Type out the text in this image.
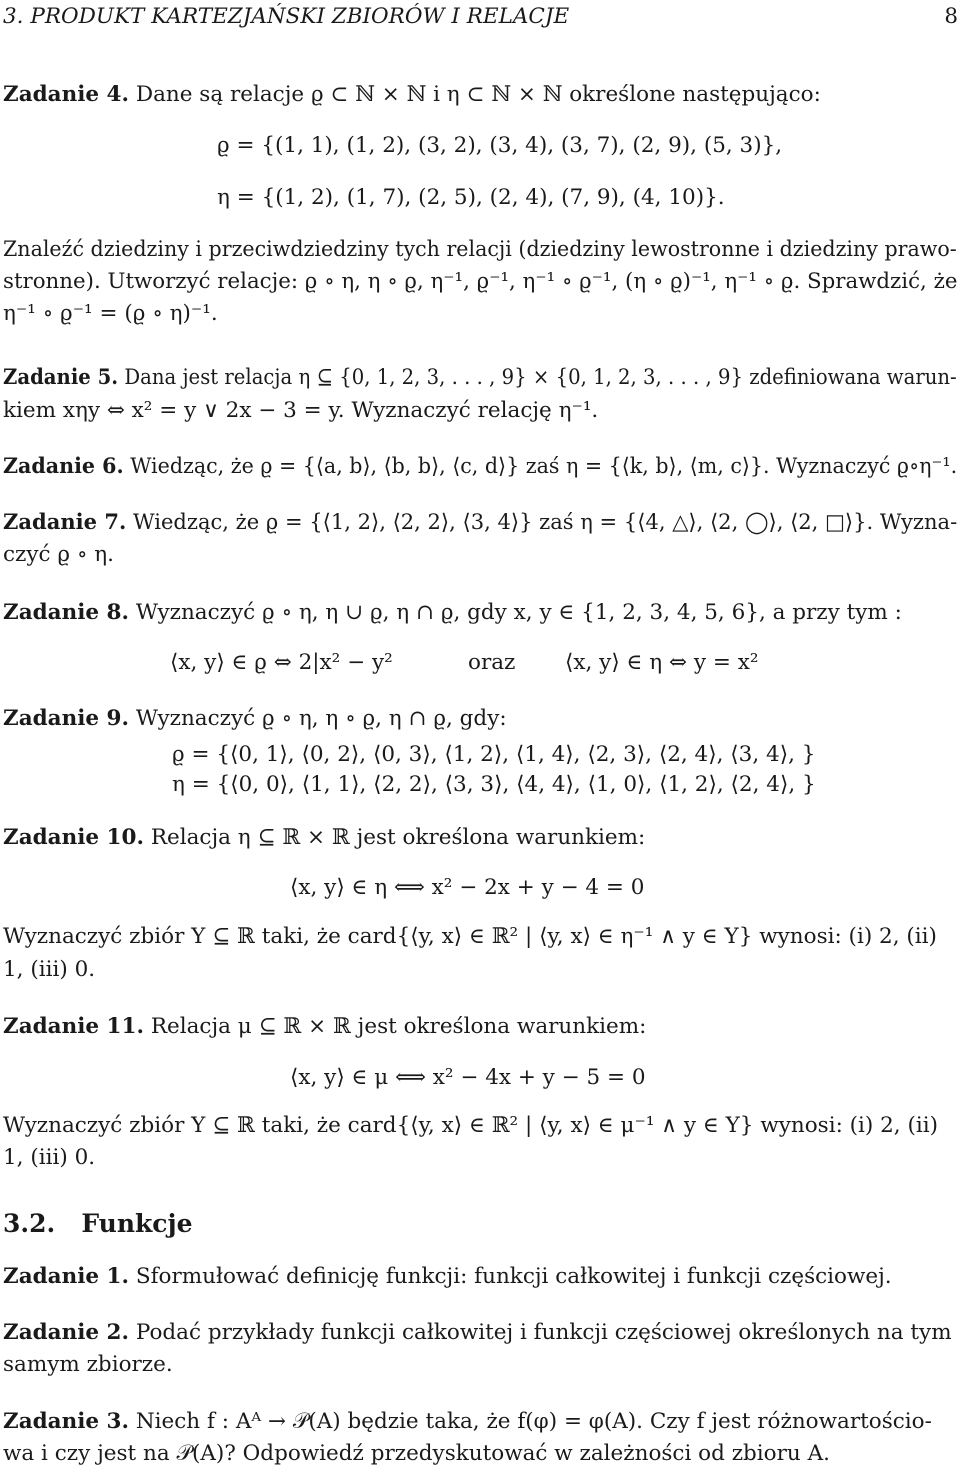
3. PRODUKT KARTEZJAŃSKI ZBIORÓW I RELACJE	8
Zadanie 4. Dane są relacje ϱ ⊂ ℕ × ℕ i η ⊂ ℕ × ℕ określone następująco:
ϱ = {(1, 1), (1, 2), (3, 2), (3, 4), (3, 7), (2, 9), (5, 3)},
η = {(1, 2), (1, 7), (2, 5), (2, 4), (7, 9), (4, 10)}.
Znaleźć dziedziny i przeciwdziedziny tych relacji (dziedziny lewostronne i dziedziny prawo-
stronne). Utworzyć relacje: ϱ ∘ η, η ∘ ϱ, η⁻¹, ϱ⁻¹, η⁻¹ ∘ ϱ⁻¹, (η ∘ ϱ)⁻¹, η⁻¹ ∘ ϱ. Sprawdzić, że
η⁻¹ ∘ ϱ⁻¹ = (ϱ ∘ η)⁻¹.
Zadanie 5. Dana jest relacja η ⊆ {0, 1, 2, 3, . . . , 9} × {0, 1, 2, 3, . . . , 9} zdefiniowana warun-
kiem xηy ⇔ x² = y ∨ 2x − 3 = y. Wyznaczyć relację η⁻¹.
Zadanie 6. Wiedząc, że ϱ = {⟨a, b⟩, ⟨b, b⟩, ⟨c, d⟩} zaś η = {⟨k, b⟩, ⟨m, c⟩}. Wyznaczyć ϱ∘η⁻¹.
Zadanie 7. Wiedząc, że ϱ = {⟨1, 2⟩, ⟨2, 2⟩, ⟨3, 4⟩} zaś η = {⟨4, △⟩, ⟨2, ◯⟩, ⟨2, □⟩}. Wyzna-
czyć ϱ ∘ η.
Zadanie 8. Wyznaczyć ϱ ∘ η, η ∪ ϱ, η ∩ ϱ, gdy x, y ∈ {1, 2, 3, 4, 5, 6}, a przy tym :
⟨x, y⟩ ∈ ϱ ⇔ 2|x² − y²	oraz ⟨x, y⟩ ∈ η ⇔ y = x²
Zadanie 9. Wyznaczyć ϱ ∘ η, η ∘ ϱ, η ∩ ϱ, gdy:
ϱ = {⟨0, 1⟩, ⟨0, 2⟩, ⟨0, 3⟩, ⟨1, 2⟩, ⟨1, 4⟩, ⟨2, 3⟩, ⟨2, 4⟩, ⟨3, 4⟩, }
η = {⟨0, 0⟩, ⟨1, 1⟩, ⟨2, 2⟩, ⟨3, 3⟩, ⟨4, 4⟩, ⟨1, 0⟩, ⟨1, 2⟩, ⟨2, 4⟩, }
Zadanie 10. Relacja η ⊆ ℝ × ℝ jest określona warunkiem:
⟨x, y⟩ ∈ η ⟺ x² − 2x + y − 4 = 0
Wyznaczyć zbiór Y ⊆ ℝ taki, że card{⟨y, x⟩ ∈ ℝ² | ⟨y, x⟩ ∈ η⁻¹ ∧ y ∈ Y} wynosi: (i) 2, (ii)
1, (iii) 0.
Zadanie 11. Relacja μ ⊆ ℝ × ℝ jest określona warunkiem:
⟨x, y⟩ ∈ μ ⟺ x² − 4x + y − 5 = 0
Wyznaczyć zbiór Y ⊆ ℝ taki, że card{⟨y, x⟩ ∈ ℝ² | ⟨y, x⟩ ∈ μ⁻¹ ∧ y ∈ Y} wynosi: (i) 2, (ii)
1, (iii) 0.
3.2. Funkcje
Zadanie 1. Sformułować definicję funkcji: funkcji całkowitej i funkcji częściowej.
Zadanie 2. Podać przykłady funkcji całkowitej i funkcji częściowej określonych na tym
samym zbiorze.
Zadanie 3. Niech f : Aᴬ → 𝒫(A) będzie taka, że f(φ) = φ(A). Czy f jest różnowartościo-
wa i czy jest na 𝒫(A)? Odpowiedź przedyskutować w zależności od zbioru A.
